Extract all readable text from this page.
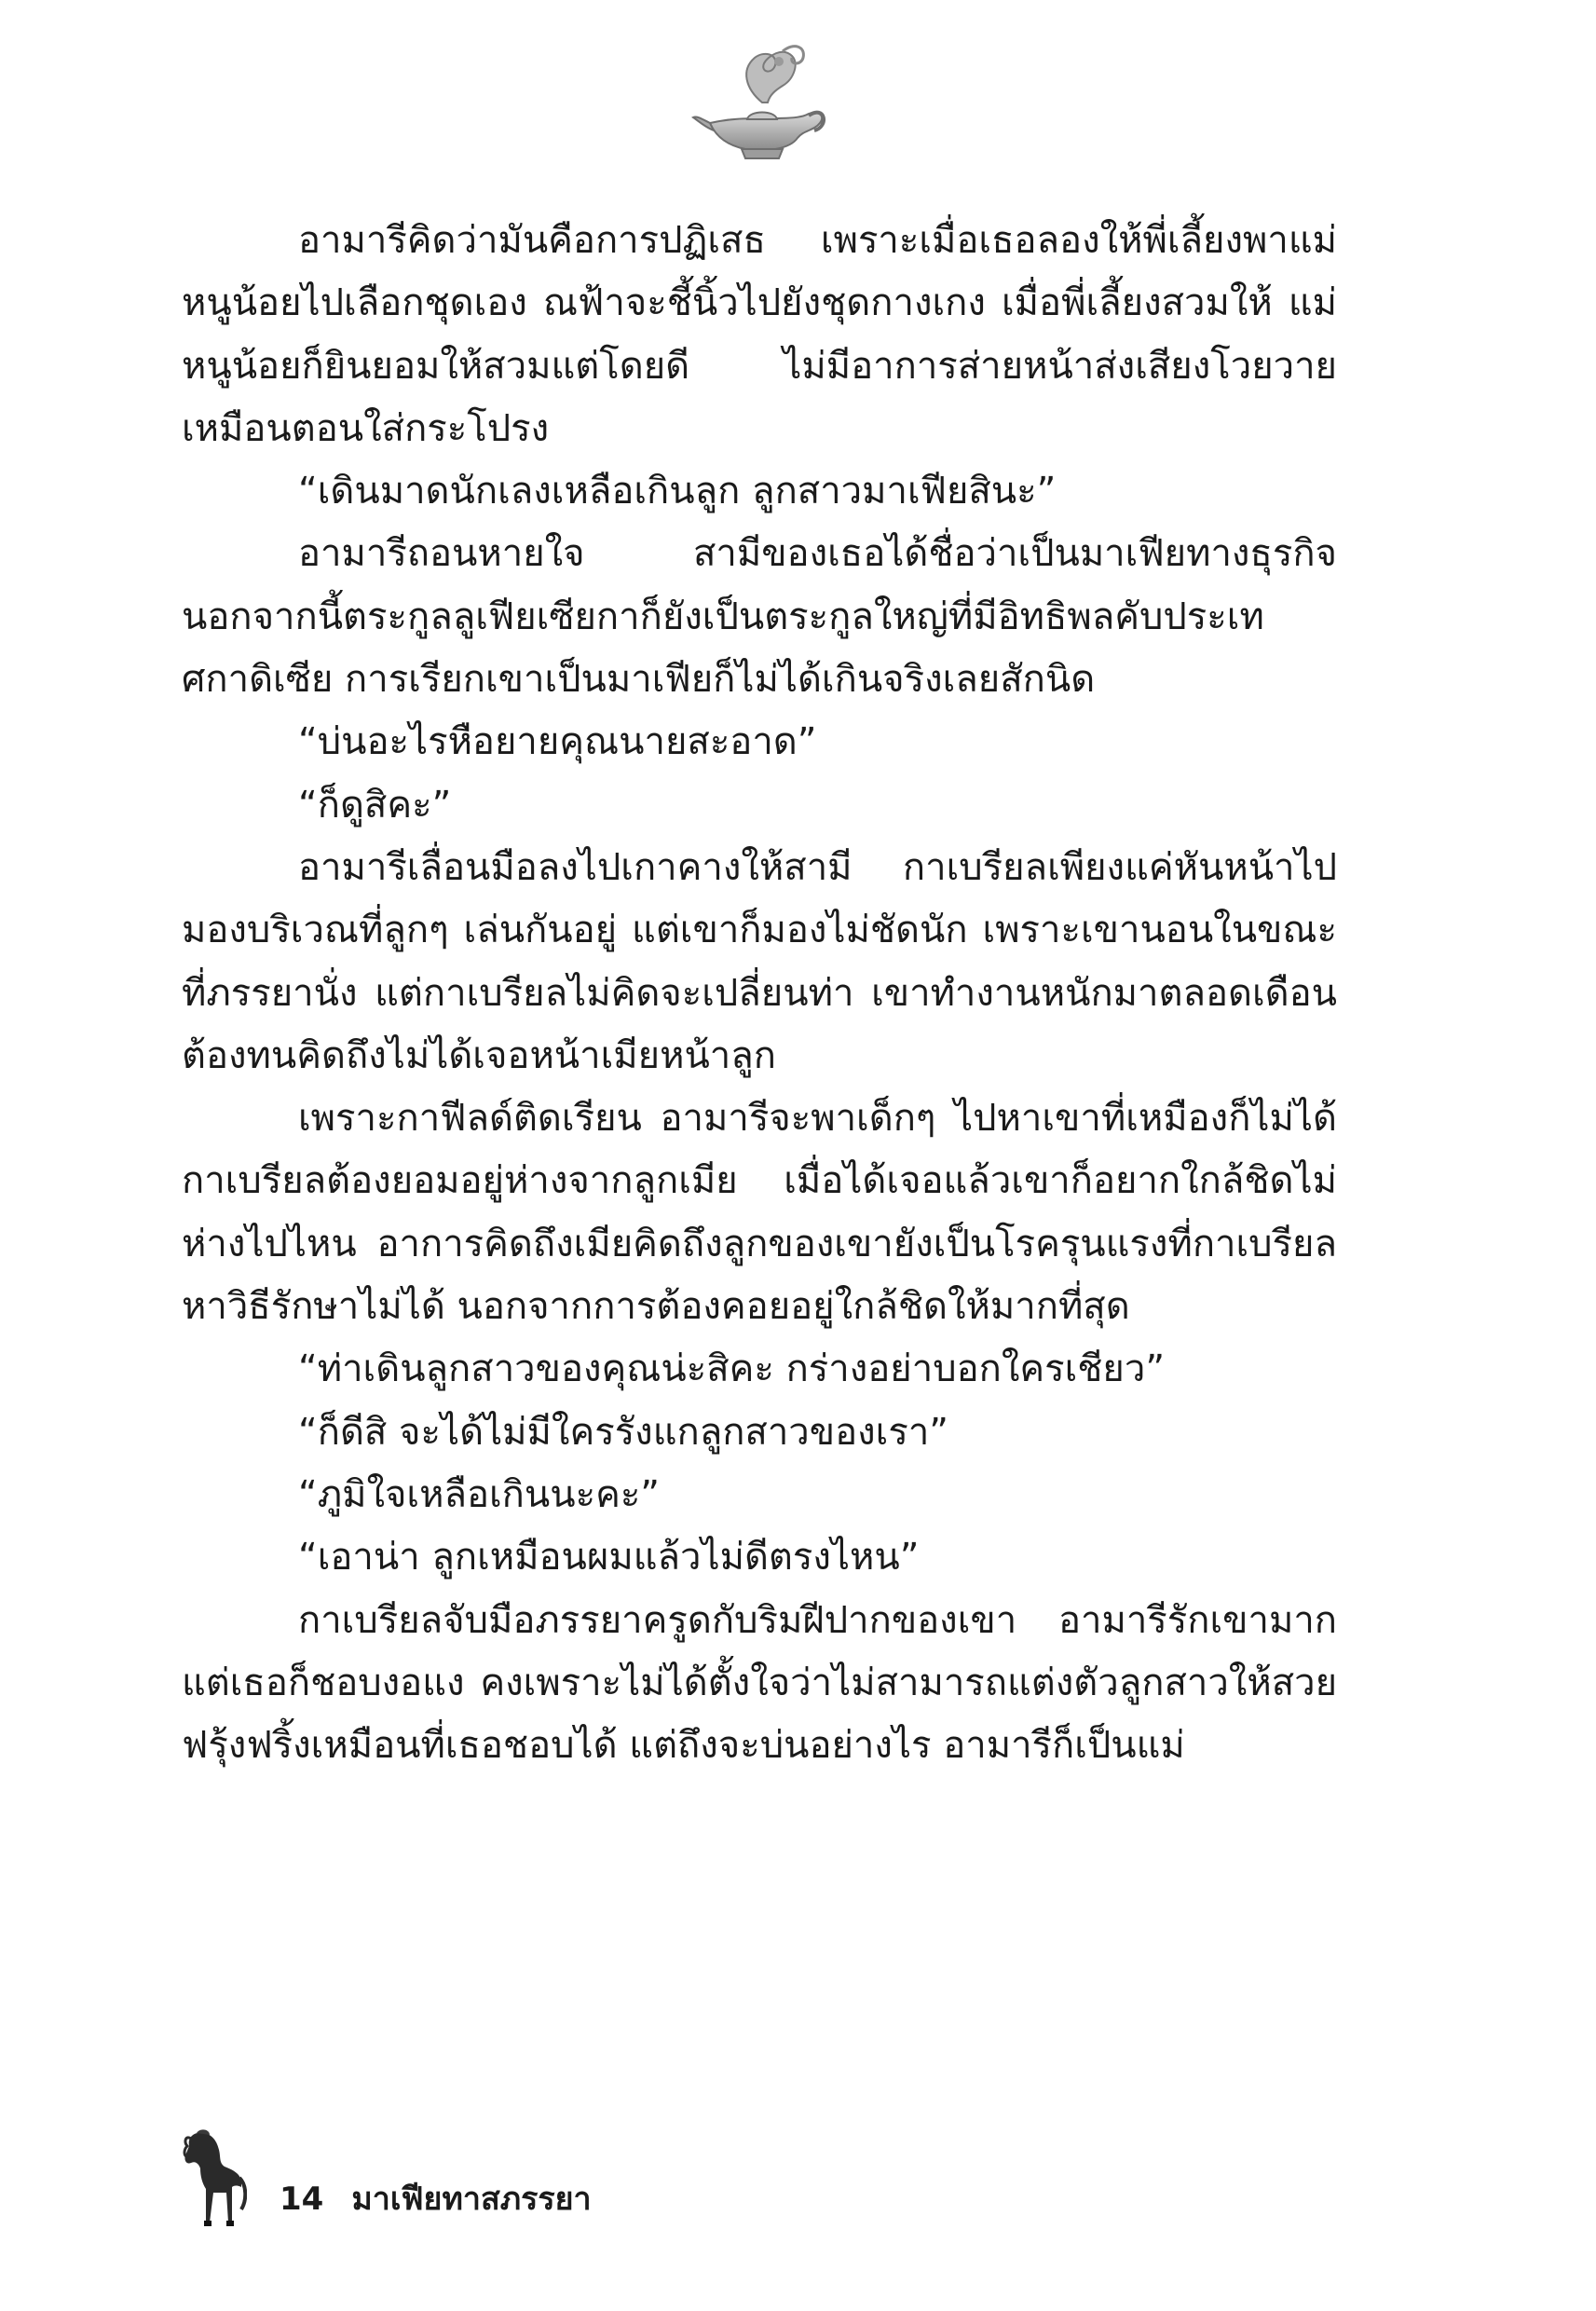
อามารีคิดว่ามันคือการปฏิเสธ เพราะเมื่อเธอลองให้พี่เลี้ยงพาแม่หนูน้อยไปเลือกชุดเอง ณฟ้าจะชี้นิ้วไปยังชุดกางเกง เมื่อพี่เลี้ยงสวมให้ แม่หนูน้อยก็ยินยอมให้สวมแต่โดยดี ไม่มีอาการส่ายหน้าส่งเสียงโวยวายเหมือนตอนใส่กระโปรง

“เดินมาดนักเลงเหลือเกินลูก ลูกสาวมาเฟียสินะ”

อามารีถอนหายใจ สามีของเธอได้ชื่อว่าเป็นมาเฟียทางธุรกิจนอกจากนี้ตระกูลลูเฟียเซียกาก็ยังเป็นตระกูลใหญ่ที่มีอิทธิพลคับประเทศกาดิเซีย การเรียกเขาเป็นมาเฟียก็ไม่ได้เกินจริงเลยสักนิด

“บ่นอะไรหือยายคุณนายสะอาด”

“ก็ดูสิคะ”

อามารีเลื่อนมือลงไปเกาคางให้สามี กาเบรียลเพียงแค่หันหน้าไปมองบริเวณที่ลูกๆ เล่นกันอยู่ แต่เขาก็มองไม่ชัดนัก เพราะเขานอนในขณะที่ภรรยานั่ง แต่กาเบรียลไม่คิดจะเปลี่ยนท่า เขาทำงานหนักมาตลอดเดือน ต้องทนคิดถึงไม่ได้เจอหน้าเมียหน้าลูก

เพราะกาฟีลด์ติดเรียน อามารีจะพาเด็กๆ ไปหาเขาที่เหมืองก็ไม่ได้ กาเบรียลต้องยอมอยู่ห่างจากลูกเมีย เมื่อได้เจอแล้วเขาก็อยากใกล้ชิดไม่ห่างไปไหน อาการคิดถึงเมียคิดถึงลูกของเขายังเป็นโรครุนแรงที่กาเบรียลหาวิธีรักษาไม่ได้ นอกจากการต้องคอยอยู่ใกล้ชิดให้มากที่สุด

“ท่าเดินลูกสาวของคุณน่ะสิคะ กร่างอย่าบอกใครเชียว”

“ก็ดีสิ จะได้ไม่มีใครรังแกลูกสาวของเรา”

“ภูมิใจเหลือเกินนะคะ”

“เอาน่า ลูกเหมือนผมแล้วไม่ดีตรงไหน”

กาเบรียลจับมือภรรยาครูดกับริมฝีปากของเขา อามารีรักเขามากแต่เธอก็ชอบงอแง คงเพราะไม่ได้ตั้งใจว่าไม่สามารถแต่งตัวลูกสาวให้สวยฟรุ้งฟริ้งเหมือนที่เธอชอบได้ แต่ถึงจะบ่นอย่างไร อามารีก็เป็นแม่

14 มาเฟียทาสภรรยา
